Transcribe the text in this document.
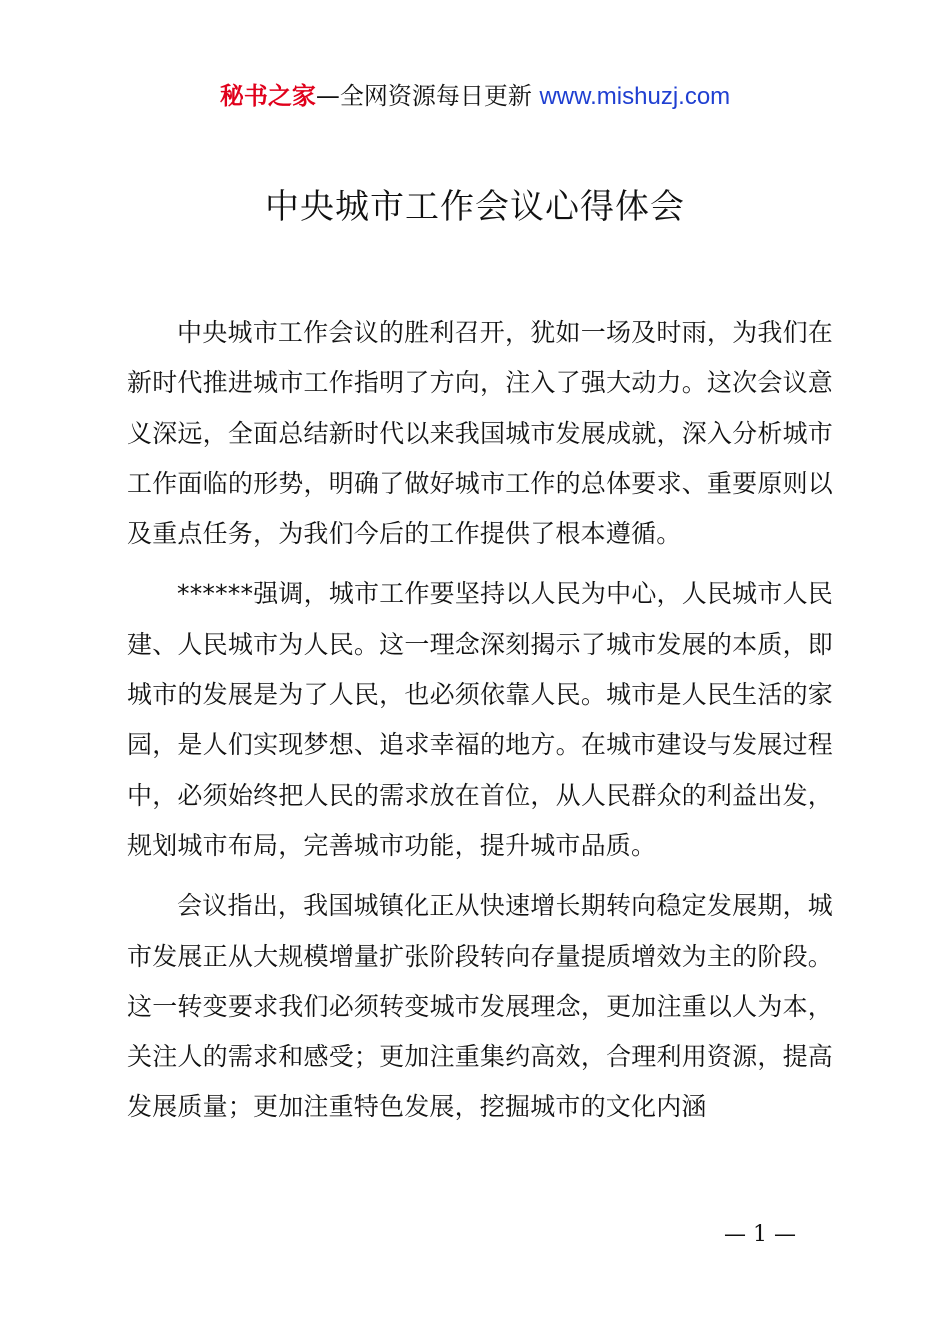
秘书之家—全网资源每日更新 www.mishuzj.com
中央城市工作会议心得体会

中央城市工作会议的胜利召开，犹如一场及时雨，为我们在新时代推进城市工作指明了方向，注入了强大动力。这次会议意义深远，全面总结新时代以来我国城市发展成就，深入分析城市工作面临的形势，明确了做好城市工作的总体要求、重要原则以及重点任务，为我们今后的工作提供了根本遵循。

******强调，城市工作要坚持以人民为中心，人民城市人民建、人民城市为人民。这一理念深刻揭示了城市发展的本质，即城市的发展是为了人民，也必须依靠人民。城市是人民生活的家园，是人们实现梦想、追求幸福的地方。在城市建设与发展过程中，必须始终把人民的需求放在首位，从人民群众的利益出发，规划城市布局，完善城市功能，提升城市品质。

会议指出，我国城镇化正从快速增长期转向稳定发展期，城市发展正从大规模增量扩张阶段转向存量提质增效为主的阶段。这一转变要求我们必须转变城市发展理念，更加注重以人为本，关注人的需求和感受；更加注重集约高效，合理利用资源，提高发展质量；更加注重特色发展，挖掘城市的文化内涵

— 1 —
